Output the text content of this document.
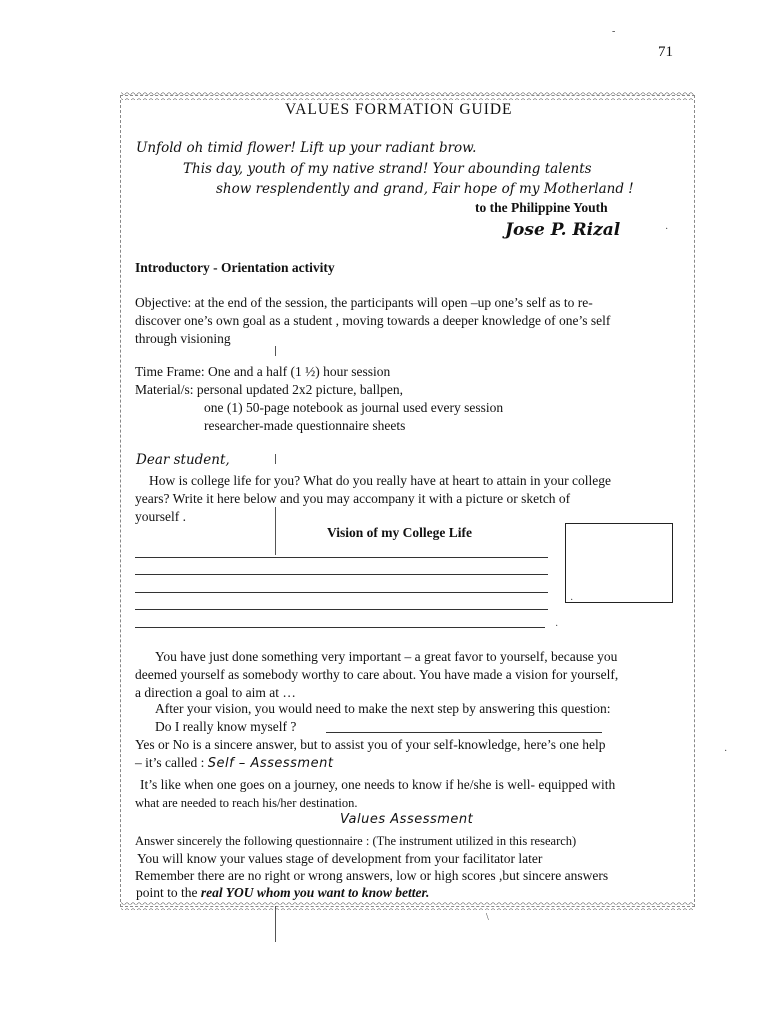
-
71
VALUES FORMATION GUIDE
Unfold oh timid flower! Lift up your radiant brow.
This day, youth of my native strand! Your abounding talents
show resplendently and grand, Fair hope of my Motherland !
to the Philippine Youth
Jose P. Rizal	·
Introductory - Orientation activity
Objective: at the end of the session, the participants will open –up one’s self as to re-
discover one’s own goal as a student , moving towards a deeper knowledge of one’s self
through visioning
Time Frame: One and a half (1 ½) hour session
Material/s: personal updated 2x2 picture, ballpen,
one (1) 50-page notebook as journal used every session
researcher-made questionnaire sheets
Dear student,
How is college life for you? What do you really have at heart to attain in your college
years? Write it here below and you may accompany it with a picture or sketch of
yourself .
Vision of my College Life
·
·
You have just done something very important – a great favor to yourself, because you
deemed yourself as somebody worthy to care about. You have made a vision for yourself,
a direction a goal to aim at …
After your vision, you would need to make the next step by answering this question:
Do I really know myself ?
Yes or No is a sincere answer, but to assist you of your self-knowledge, here’s one help
– it’s called : Self – Assessment
·
It’s like when one goes on a journey, one needs to know if he/she is well- equipped with
what are needed to reach his/her destination.
Values Assessment
Answer sincerely the following questionnaire : (The instrument utilized in this research)
You will know your values stage of development from your facilitator later
Remember there are no right or wrong answers, low or high scores ,but sincere answers
point to the real YOU whom you want to know better.
\
